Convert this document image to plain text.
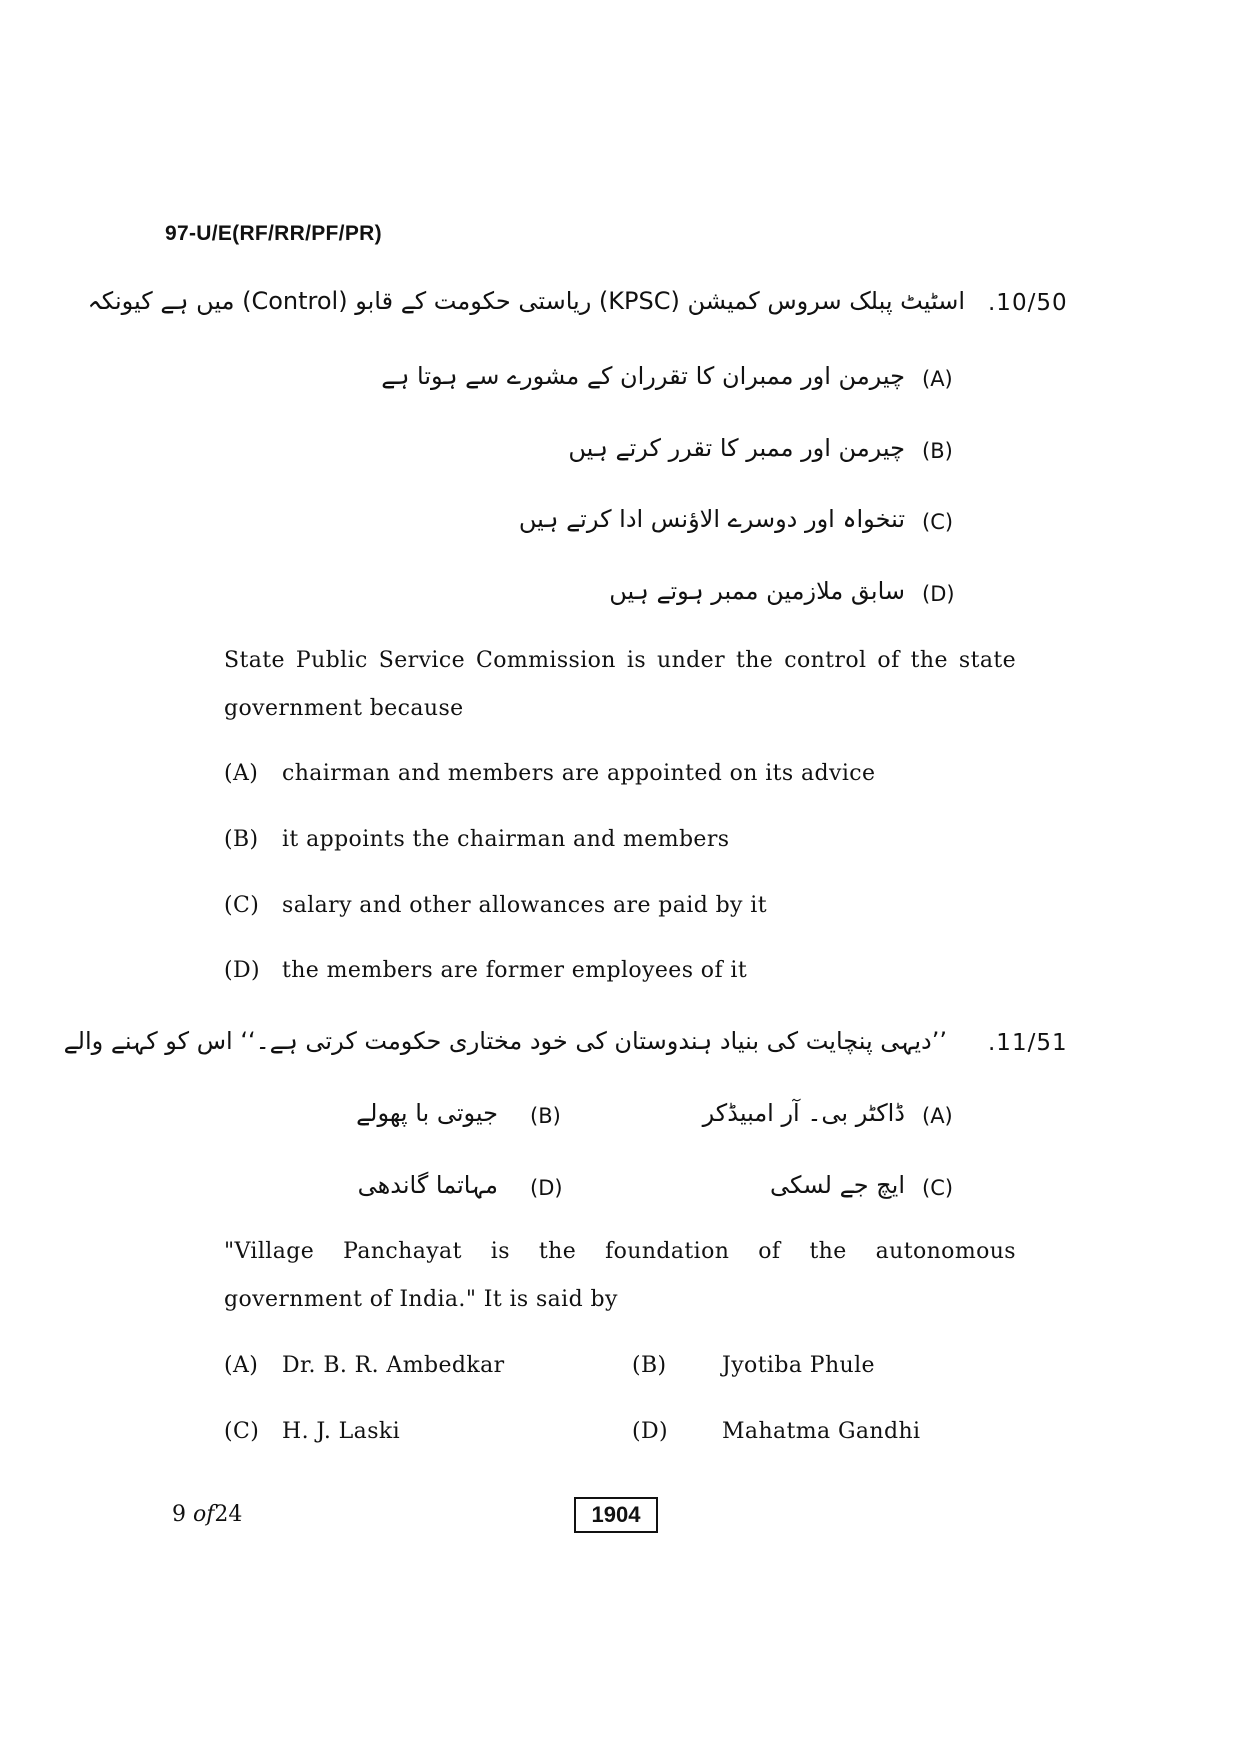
97-U/E(RF/RR/PF/PR)
.10/50
اسٹیٹ پبلک سروس کمیشن (KPSC) ریاستی حکومت کے قابو (Control) میں ہے کیونکہ
(A)
چیرمن اور ممبران کا تقرران کے مشورے سے ہوتا ہے
(B)
چیرمن اور ممبر کا تقرر کرتے ہیں
(C)
تنخواہ اور دوسرے الاؤنس ادا کرتے ہیں
(D)
سابق ملازمین ممبر ہوتے ہیں
State Public Service Commission is under the control of the state
government because
(A) chairman and members are appointed on its advice
(B) it appoints the chairman and members
(C) salary and other allowances are paid by it
(D) the members are former employees of it
.11/51
’’دیہی پنچایت کی بنیاد ہندوستان کی خود مختاری حکومت کرتی ہے۔‘‘ اس کو کہنے والے
(A)
ڈاکٹر بی۔ آر امبیڈکر
(B)
جیوتی با پھولے
(C)
ایچ جے لسکی
(D)
مہاتما گاندھی
"Village Panchayat is the foundation of the autonomous
government of India." It is said by
(A) Dr. B. R. Ambedkar	(B)	Jyotiba Phule
(C) H. J. Laski	(D) Mahatma Gandhi
9 of24	1904
